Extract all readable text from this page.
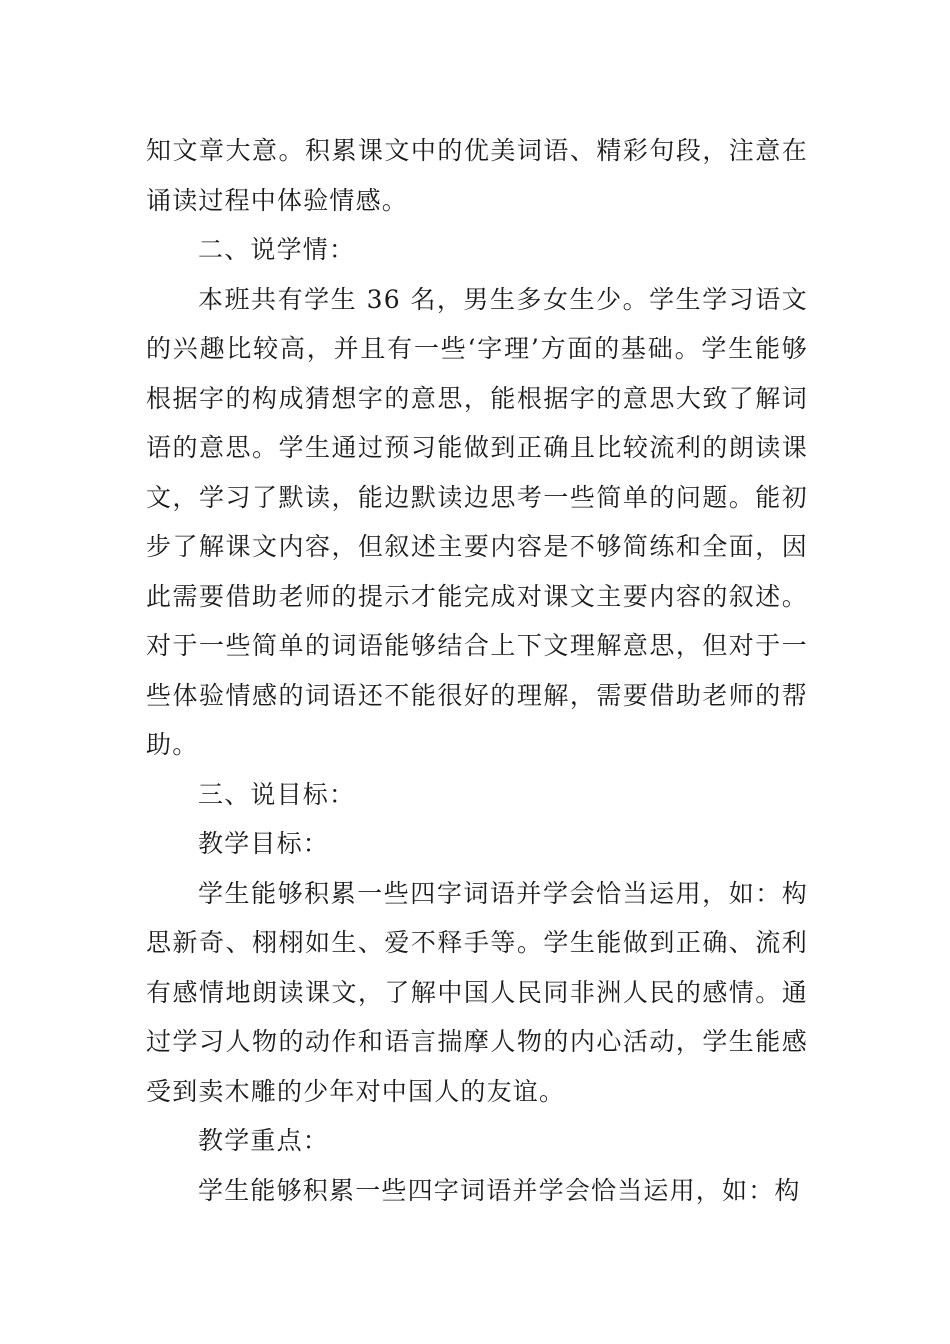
知文章大意。积累课文中的优美词语、精彩句段，注意在诵读过程中体验情感。

二、说学情：

本班共有学生 36 名，男生多女生少。学生学习语文的兴趣比较高，并且有一些‘字理’方面的基础。学生能够根据字的构成猜想字的意思，能根据字的意思大致了解词语的意思。学生通过预习能做到正确且比较流利的朗读课文，学习了默读，能边默读边思考一些简单的问题。能初步了解课文内容，但叙述主要内容是不够简练和全面，因此需要借助老师的提示才能完成对课文主要内容的叙述。对于一些简单的词语能够结合上下文理解意思，但对于一些体验情感的词语还不能很好的理解，需要借助老师的帮助。

三、说目标：

教学目标：

学生能够积累一些四字词语并学会恰当运用，如：构思新奇、栩栩如生、爱不释手等。学生能做到正确、流利有感情地朗读课文，了解中国人民同非洲人民的感情。通过学习人物的动作和语言揣摩人物的内心活动，学生能感受到卖木雕的少年对中国人的友谊。

教学重点：

学生能够积累一些四字词语并学会恰当运用，如：构
